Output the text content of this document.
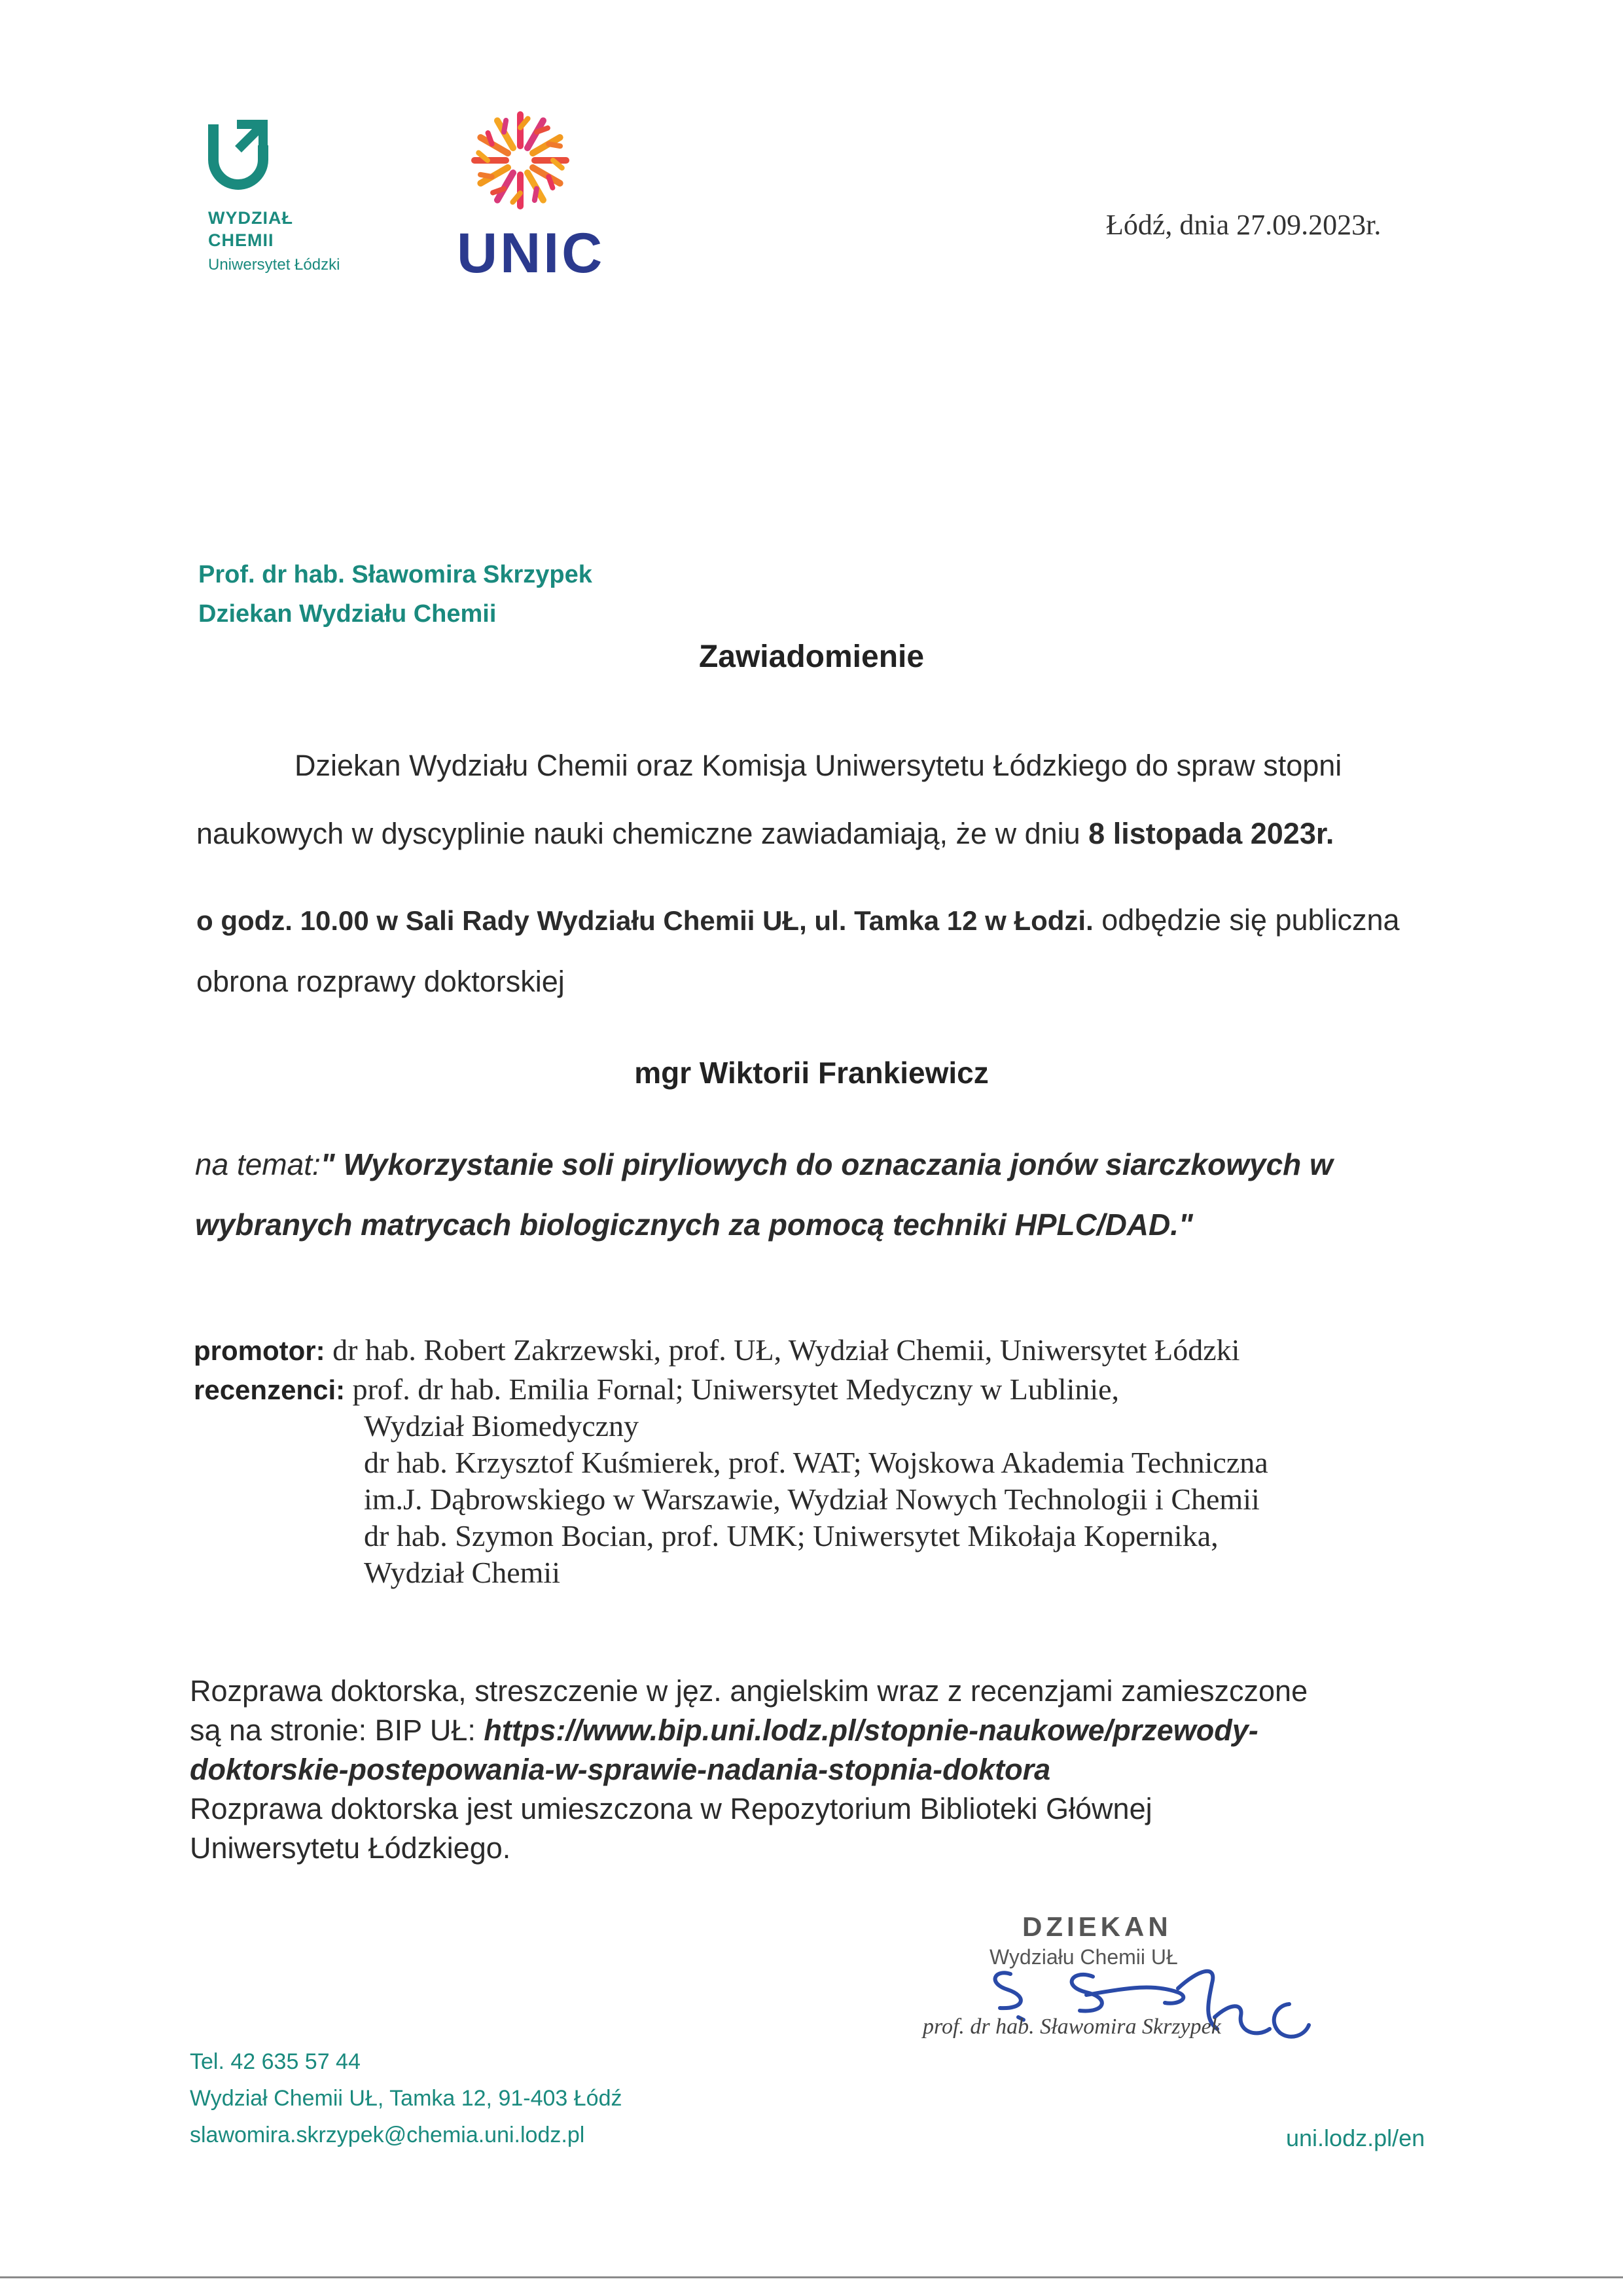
WYDZIAŁ
CHEMII
Uniwersytet Łódzki	UNIC	Łódź, dnia 27.09.2023r.
Prof. dr hab. Sławomira Skrzypek
Dziekan Wydziału Chemii
Zawiadomienie
Dziekan Wydziału Chemii oraz Komisja Uniwersytetu Łódzkiego do spraw stopni
naukowych w dyscyplinie nauki chemiczne zawiadamiają, że w dniu 8 listopada 2023r.
o godz. 10.00 w Sali Rady Wydziału Chemii UŁ, ul. Tamka 12 w Łodzi. odbędzie się publiczna
obrona rozprawy doktorskiej
mgr Wiktorii Frankiewicz
na temat:" Wykorzystanie soli piryliowych do oznaczania jonów siarczkowych w
wybranych matrycach biologicznych za pomocą techniki HPLC/DAD."
promotor: dr hab. Robert Zakrzewski, prof. UŁ, Wydział Chemii, Uniwersytet Łódzki
recenzenci: prof. dr hab. Emilia Fornal; Uniwersytet Medyczny w Lublinie,
Wydział Biomedyczny
dr hab. Krzysztof Kuśmierek, prof. WAT; Wojskowa Akademia Techniczna
im.J. Dąbrowskiego w Warszawie, Wydział Nowych Technologii i Chemii
dr hab. Szymon Bocian, prof. UMK; Uniwersytet Mikołaja Kopernika,
Wydział Chemii
Rozprawa doktorska, streszczenie w jęz. angielskim wraz z recenzjami zamieszczone
są na stronie: BIP UŁ: https://www.bip.uni.lodz.pl/stopnie-naukowe/przewody-
doktorskie-postepowania-w-sprawie-nadania-stopnia-doktora
Rozprawa doktorska jest umieszczona w Repozytorium Biblioteki Głównej
Uniwersytetu Łódzkiego.
DZIEKAN
Wydziału Chemii UŁ
prof. dr hab. Sławomira Skrzypek
Tel. 42 635 57 44
Wydział Chemii UŁ, Tamka 12, 91-403 Łódź
slawomira.skrzypek@chemia.uni.lodz.pl	uni.lodz.pl/en
